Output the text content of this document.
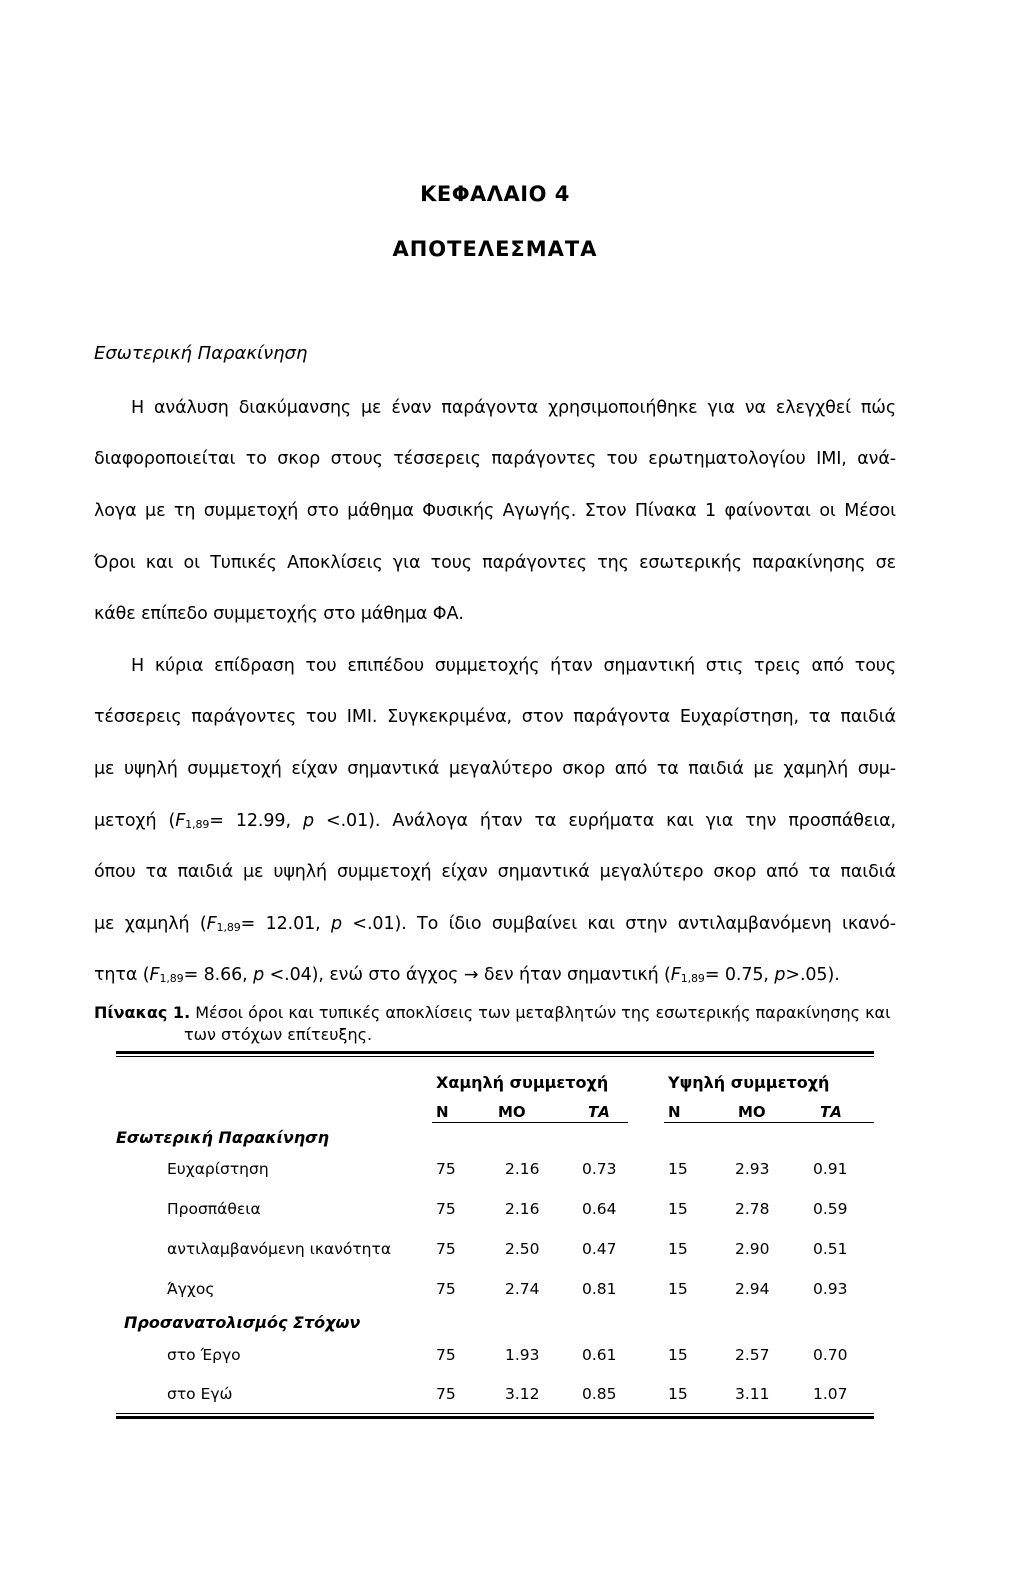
ΚΕΦΑΛΑΙΟ 4
ΑΠΟΤΕΛΕΣΜΑΤΑ
Εσωτερική Παρακίνηση
Η ανάλυση διακύμανσης με έναν παράγοντα χρησιμοποιήθηκε για να ελεγχθεί πώς
διαφοροποιείται το σκορ στους τέσσερεις παράγοντες του ερωτηματολογίου IMI, ανά-
λογα με τη συμμετοχή στο μάθημα Φυσικής Αγωγής. Στον Πίνακα 1 φαίνονται οι Μέσοι
Όροι και οι Τυπικές Αποκλίσεις για τους παράγοντες της εσωτερικής παρακίνησης σε
κάθε επίπεδο συμμετοχής στο μάθημα ΦΑ.
Η κύρια επίδραση του επιπέδου συμμετοχής ήταν σημαντική στις τρεις από τους
τέσσερεις παράγοντες του IMI. Συγκεκριμένα, στον παράγοντα Ευχαρίστηση, τα παιδιά
με υψηλή συμμετοχή είχαν σημαντικά μεγαλύτερο σκορ από τα παιδιά με χαμηλή συμ-
μετοχή ($F_{1,89}= 12.99$, p <.01). Ανάλογα ήταν τα ευρήματα και για την προσπάθεια,
όπου τα παιδιά με υψηλή συμμετοχή είχαν σημαντικά μεγαλύτερο σκορ από τα παιδιά
με χαμηλή ($F_{1,89}= 12.01$, p <.01). Το ίδιο συμβαίνει και στην αντιλαμβανόμενη ικανό-
τητα ($F_{1,89}= 8.66$, p <.04), ενώ στο άγχος → δεν ήταν σημαντική ($F_{1,89}= 0.75$, p>.05).
Πίνακας 1. Μέσοι όροι και τυπικές αποκλίσεις των μεταβλητών της εσωτερικής παρακίνησης και
των στόχων επίτευξης.
Χαμηλή συμμετοχή	Υψηλή συμμετοχή
N	ΜΟ	ΤΑ	N	ΜΟ	ΤΑ
Εσωτερική Παρακίνηση
Ευχαρίστηση	75	2.16	0.73	15	2.93	0.91
Προσπάθεια	75	2.16	0.64	15	2.78	0.59
αντιλαμβανόμενη ικανότητα	75	2.50	0.47	15	2.90	0.51
Άγχος	75	2.74	0.81	15	2.94	0.93
Προσανατολισμός Στόχων
στο Έργο	75	1.93	0.61	15	2.57	0.70
στο Εγώ	75	3.12	0.85	15	3.11	1.07
